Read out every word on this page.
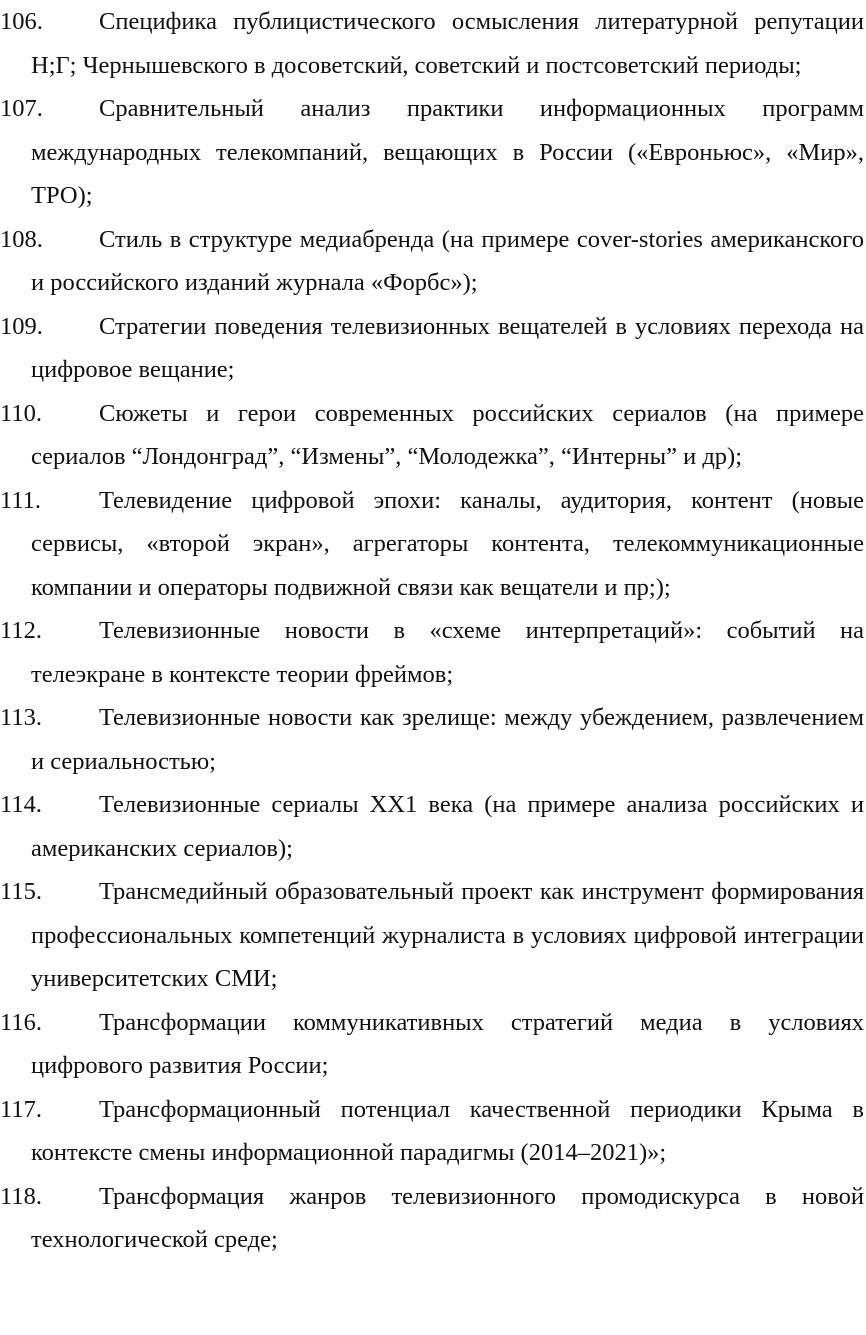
106.	Специфика публицистического осмысления литературной репутации Н;Г; Чернышевского в досоветский, советский и постсоветский периоды;
107.	Сравнительный анализ практики информационных программ международных телекомпаний, вещающих в России («Евроньюс», «Мир», ТРО);
108.	Стиль в структуре медиабренда (на примере cover-stories американского и российского изданий журнала «Форбс»);
109.	Стратегии поведения телевизионных вещателей в условиях перехода на цифровое вещание;
110.	Сюжеты и герои современных российских сериалов (на примере сериалов “Лондонград”, “Измены”, “Молодежка”, “Интерны” и др);
111.	Телевидение цифровой эпохи: каналы, аудитория, контент (новые сервисы, «второй экран», агрегаторы контента, телекоммуникационные компании и операторы подвижной связи как вещатели и пр;);
112.	Телевизионные новости в «схеме интерпретаций»: событий на телеэкране в контексте теории фреймов;
113.	Телевизионные новости как зрелище: между убеждением, развлечением и сериальностью;
114.	Телевизионные сериалы XX1 века (на примере анализа российских и американских сериалов);
115.	Трансмедийный образовательный проект как инструмент формирования профессиональных компетенций журналиста в условиях цифровой интеграции университетских СМИ;
116.	Трансформации коммуникативных стратегий медиа в условиях цифрового развития России;
117.	Трансформационный потенциал качественной периодики Крыма в контексте смены информационной парадигмы (2014–2021)»;
118.	Трансформация жанров телевизионного промодискурса в новой технологической среде;
